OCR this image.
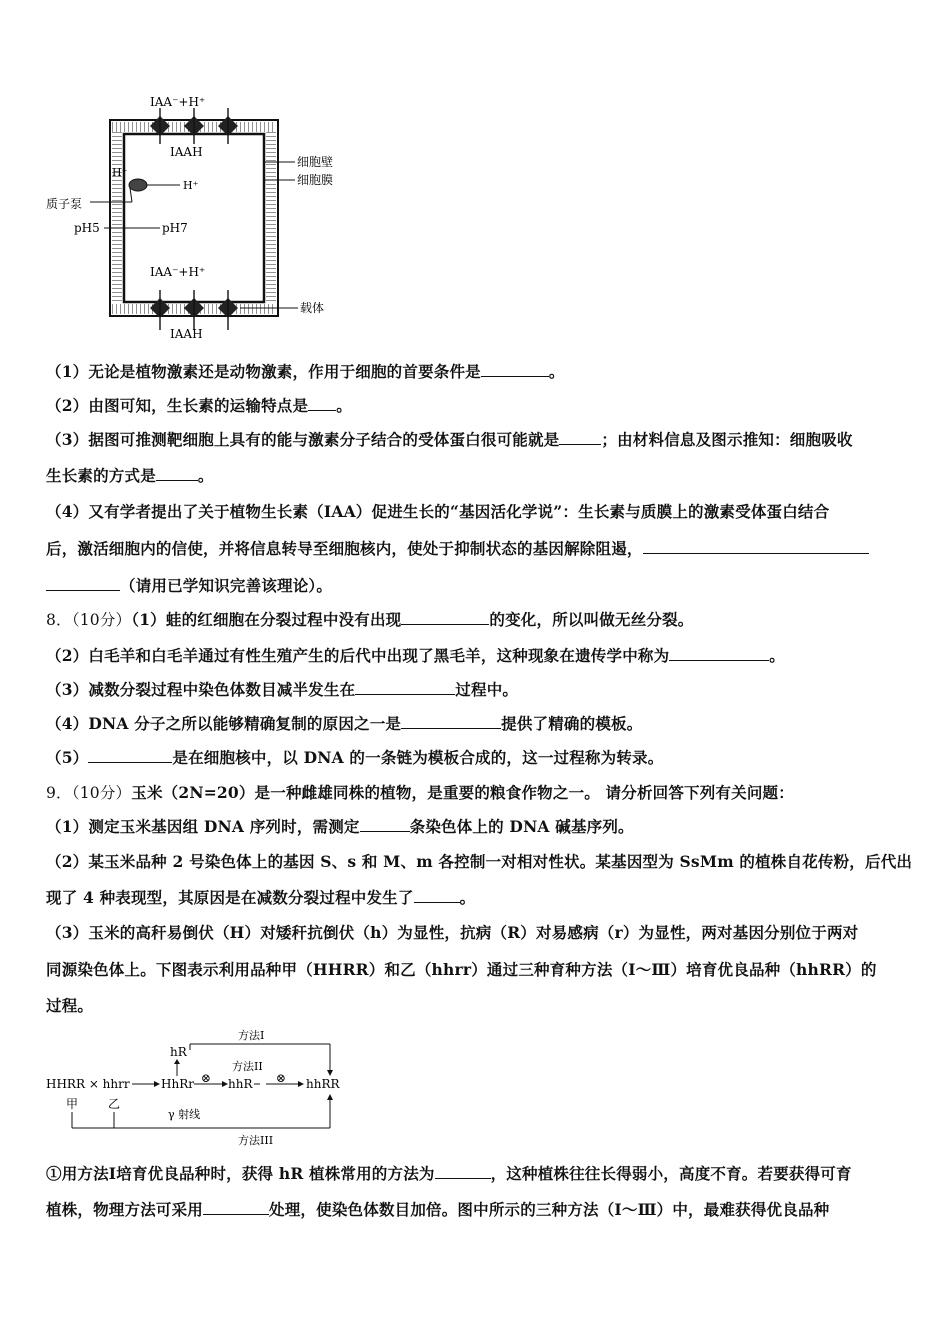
IAA⁻+H⁺
IAAH
H⁺
H⁺
质子泵
pH5	pH7
IAA⁻+H⁺
IAAH
细胞壁
细胞膜
载体
（1）无论是植物激素还是动物激素，作用于细胞的首要条件是	。
（2）由图可知，生长素的运输特点是 。
（3）据图可推测靶细胞上具有的能与激素分子结合的受体蛋白很可能就是	；由材料信息及图示推知：细胞吸收
生长素的方式是	。
（4）又有学者提出了关于植物生长素（IAA）促进生长的“基因活化学说”：生长素与质膜上的激素受体蛋白结合
后，激活细胞内的信使，并将信息转导至细胞核内，使处于抑制状态的基因解除阻遏，
（请用已学知识完善该理论）。
8．（10分）（1）蛙的红细胞在分裂过程中没有出现	的变化，所以叫做无丝分裂。
（2）白毛羊和白毛羊通过有性生殖产生的后代中出现了黑毛羊，这种现象在遗传学中称为	。
（3）减数分裂过程中染色体数目减半发生在	过程中。
（4）DNA 分子之所以能够精确复制的原因之一是	提供了精确的模板。
（5）	是在细胞核中，以 DNA 的一条链为模板合成的，这一过程称为转录。
9．（10分）玉米（2N=20）是一种雌雄同株的植物，是重要的粮食作物之一。 请分析回答下列有关问题：
（1）测定玉米基因组 DNA 序列时，需测定	条染色体上的 DNA 碱基序列。
（2）某玉米品种 2 号染色体上的基因 S、s 和 M、m 各控制一对相对性状。某基因型为 SsMm 的植株自花传粉，后代出
现了 4 种表现型，其原因是在减数分裂过程中发生了	。
（3）玉米的高秆易倒伏（H）对矮秆抗倒伏（h）为显性，抗病（R）对易感病（r）为显性，两对基因分别位于两对
同源染色体上。下图表示利用品种甲（HHRR）和乙（hhrr）通过三种育种方法（Ⅰ～Ⅲ）培育优良品种（hhRR）的
过程。
方法I
hR
HHRR × hhrr	HhRr ⊗ hhR
方法II
⊗ hhRR
甲 乙
γ 射线
方法III
①用方法Ⅰ培育优良品种时，获得 hR 植株常用的方法为	，这种植株往往长得弱小，高度不育。若要获得可育
植株，物理方法可采用	处理，使染色体数目加倍。图中所示的三种方法（Ⅰ～Ⅲ）中，最难获得优良品种
